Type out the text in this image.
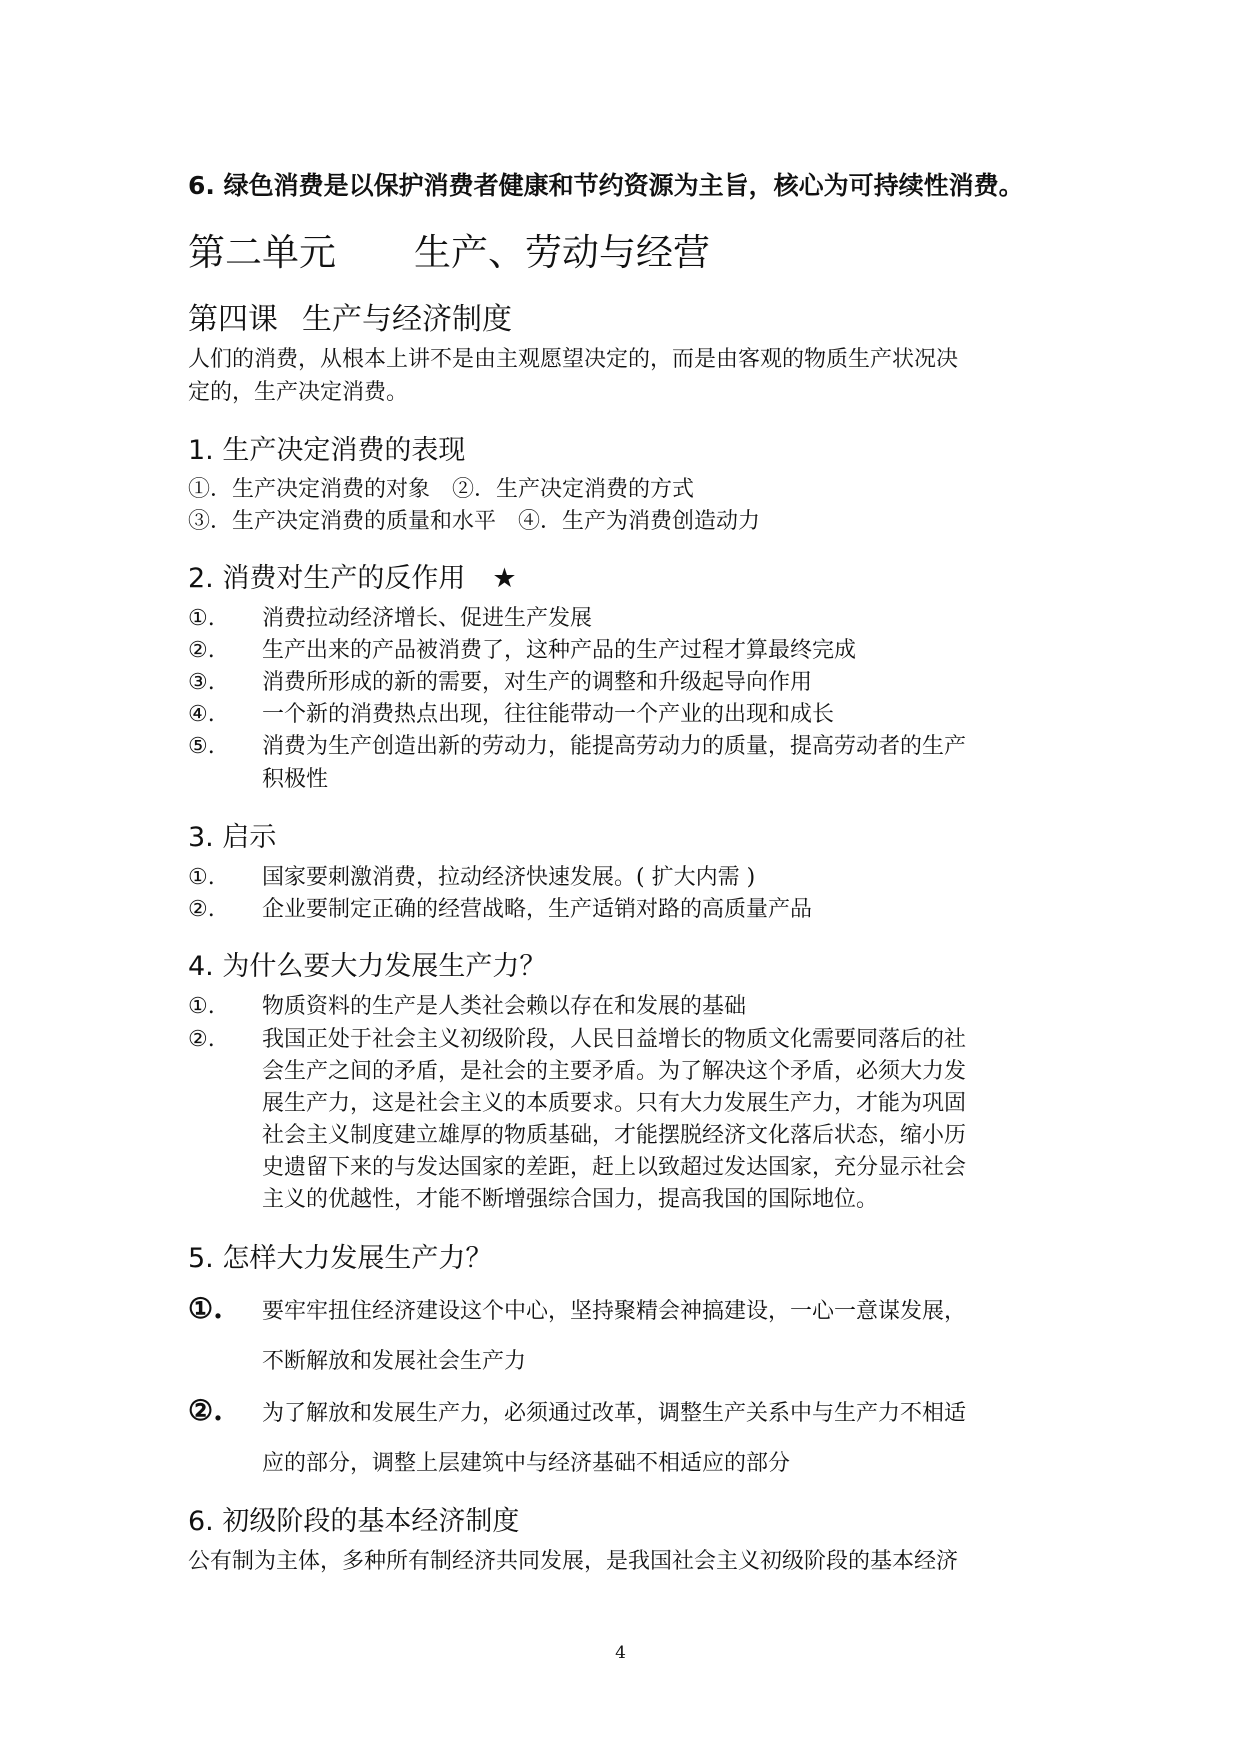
6. 绿色消费是以保护消费者健康和节约资源为主旨，核心为可持续性消费。
第二单元 生产、劳动与经营
第四课 生产与经济制度
人们的消费，从根本上讲不是由主观愿望决定的，而是由客观的物质生产状况决
定的，生产决定消费。
1. 生产决定消费的表现
①．生产决定消费的对象　②．生产决定消费的方式
③．生产决定消费的质量和水平　④．生产为消费创造动力
2. 消费对生产的反作用　★
①. 消费拉动经济增长、促进生产发展
②. 生产出来的产品被消费了，这种产品的生产过程才算最终完成
③. 消费所形成的新的需要，对生产的调整和升级起导向作用
④. 一个新的消费热点出现，往往能带动一个产业的出现和成长
⑤. 消费为生产创造出新的劳动力，能提高劳动力的质量，提高劳动者的生产
积极性
3. 启示
①. 国家要刺激消费，拉动经济快速发展。( 扩大内需 )
②. 企业要制定正确的经营战略，生产适销对路的高质量产品
4. 为什么要大力发展生产力？
①. 物质资料的生产是人类社会赖以存在和发展的基础
②. 我国正处于社会主义初级阶段，人民日益增长的物质文化需要同落后的社
会生产之间的矛盾，是社会的主要矛盾。为了解决这个矛盾，必须大力发
展生产力，这是社会主义的本质要求。只有大力发展生产力，才能为巩固
社会主义制度建立雄厚的物质基础，才能摆脱经济文化落后状态，缩小历
史遗留下来的与发达国家的差距，赶上以致超过发达国家，充分显示社会
主义的优越性，才能不断增强综合国力，提高我国的国际地位。
5. 怎样大力发展生产力？
①. 要牢牢扭住经济建设这个中心，坚持聚精会神搞建设，一心一意谋发展，
不断解放和发展社会生产力
②. 为了解放和发展生产力，必须通过改革，调整生产关系中与生产力不相适
应的部分，调整上层建筑中与经济基础不相适应的部分
6. 初级阶段的基本经济制度
公有制为主体，多种所有制经济共同发展，是我国社会主义初级阶段的基本经济
4
